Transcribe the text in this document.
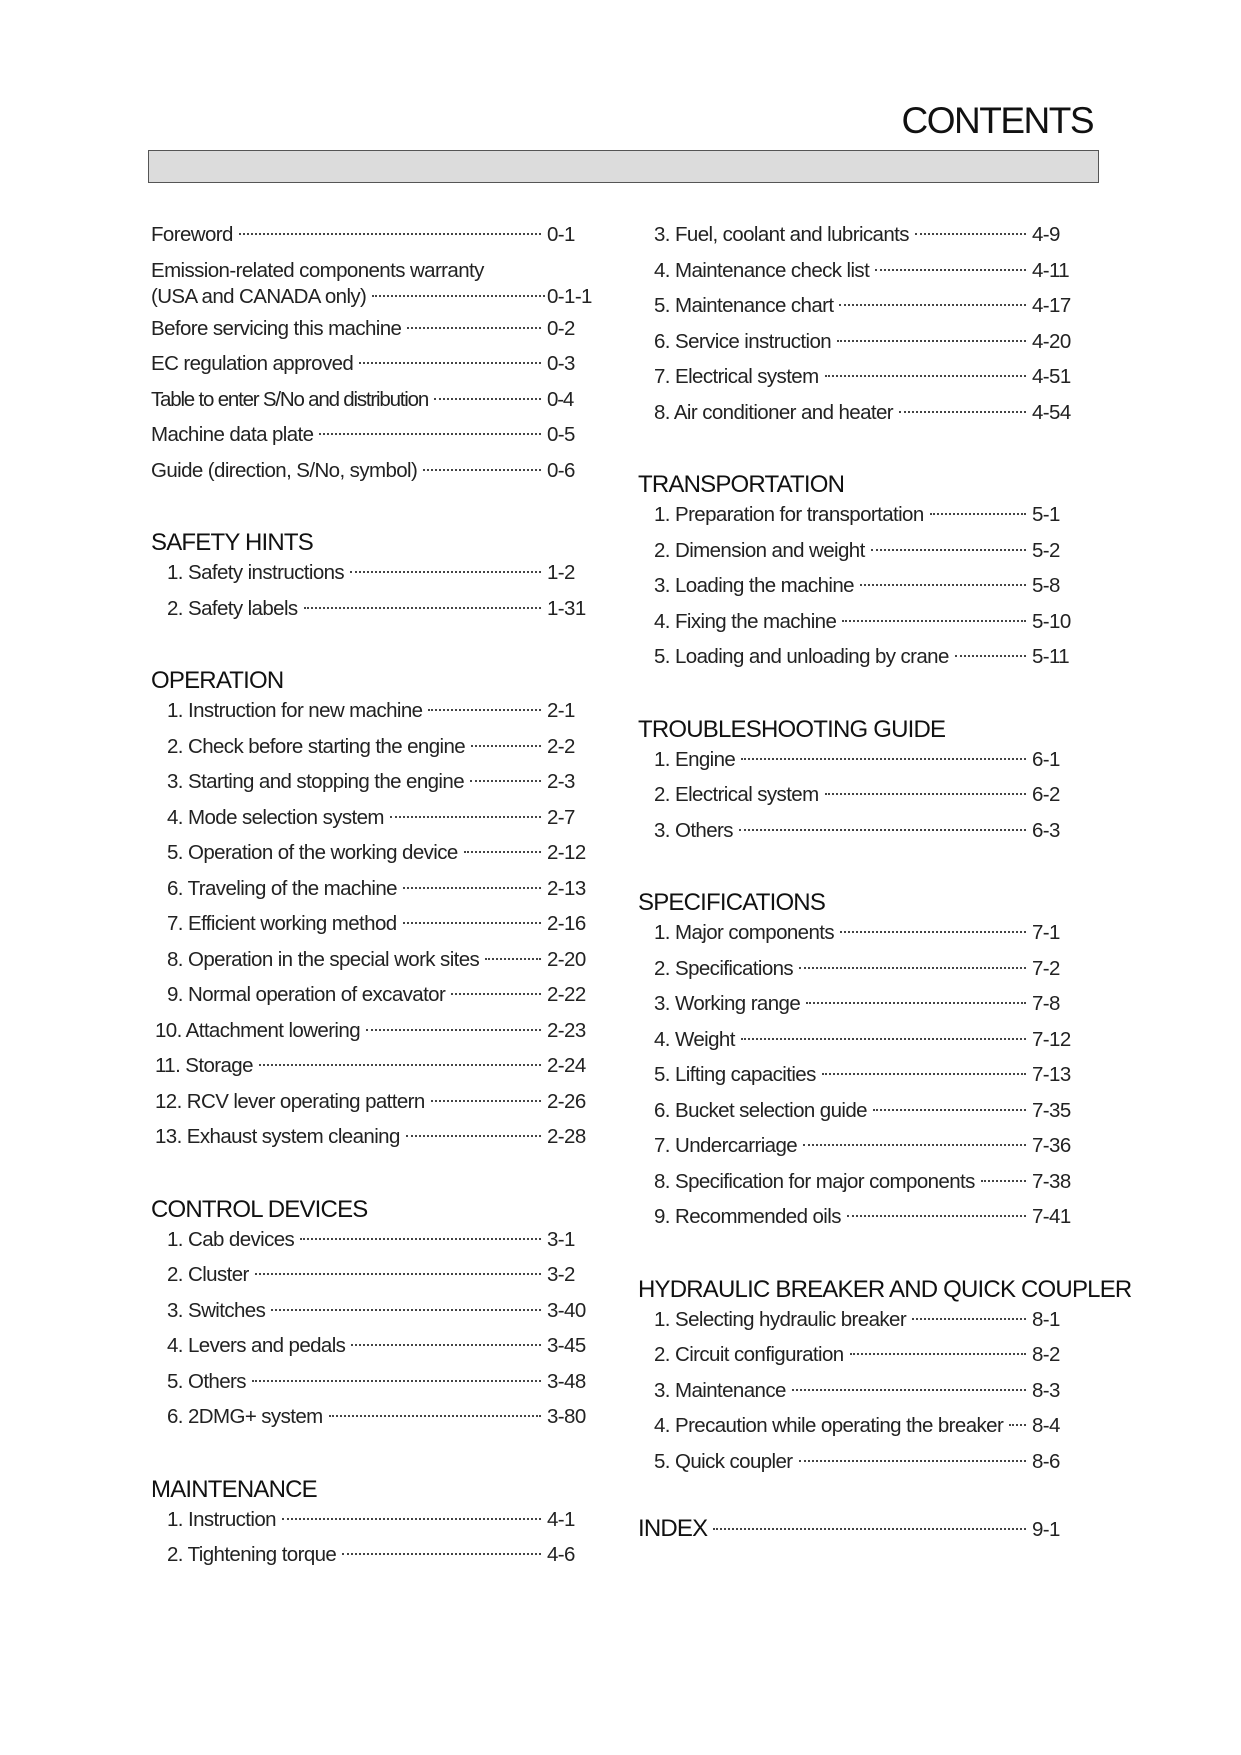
CONTENTS
Foreword	0-1
Emission-related components warranty
(USA and CANADA only)	0-1-1
Before servicing this machine	0-2
EC regulation approved	0-3
Table to enter S/No and distribution	0-4
Machine data plate	0-5
Guide (direction, S/No, symbol)	0-6
SAFETY HINTS
1. Safety instructions	1-2
2. Safety labels	1-31
OPERATION
1. Instruction for new machine	2-1
2. Check before starting the engine	2-2
3. Starting and stopping the engine	2-3
4. Mode selection system	2-7
5. Operation of the working device	2-12
6. Traveling of the machine	2-13
7. Efficient working method	2-16
8. Operation in the special work sites	2-20
9. Normal operation of excavator	2-22
10. Attachment lowering	2-23
11. Storage	2-24
12. RCV lever operating pattern	2-26
13. Exhaust system cleaning	2-28
CONTROL DEVICES
1. Cab devices	3-1
2. Cluster	3-2
3. Switches	3-40
4. Levers and pedals	3-45
5. Others	3-48
6. 2DMG+ system	3-80
MAINTENANCE
1. Instruction	4-1
2. Tightening torque	4-6
3. Fuel, coolant and lubricants	4-9
4. Maintenance check list	4-11
5. Maintenance chart	4-17
6. Service instruction	4-20
7. Electrical system	4-51
8. Air conditioner and heater	4-54
TRANSPORTATION
1. Preparation for transportation	5-1
2. Dimension and weight	5-2
3. Loading the machine	5-8
4. Fixing the machine	5-10
5. Loading and unloading by crane	5-11
TROUBLESHOOTING GUIDE
1. Engine	6-1
2. Electrical system	6-2
3. Others	6-3
SPECIFICATIONS
1. Major components	7-1
2. Specifications	7-2
3. Working range	7-8
4. Weight	7-12
5. Lifting capacities	7-13
6. Bucket selection guide	7-35
7. Undercarriage	7-36
8. Specification for major components	7-38
9. Recommended oils	7-41
HYDRAULIC BREAKER AND QUICK COUPLER
1. Selecting hydraulic breaker	8-1
2. Circuit configuration	8-2
3. Maintenance	8-3
4. Precaution while operating the breaker 8-4
5. Quick coupler	8-6
INDEX	9-1
